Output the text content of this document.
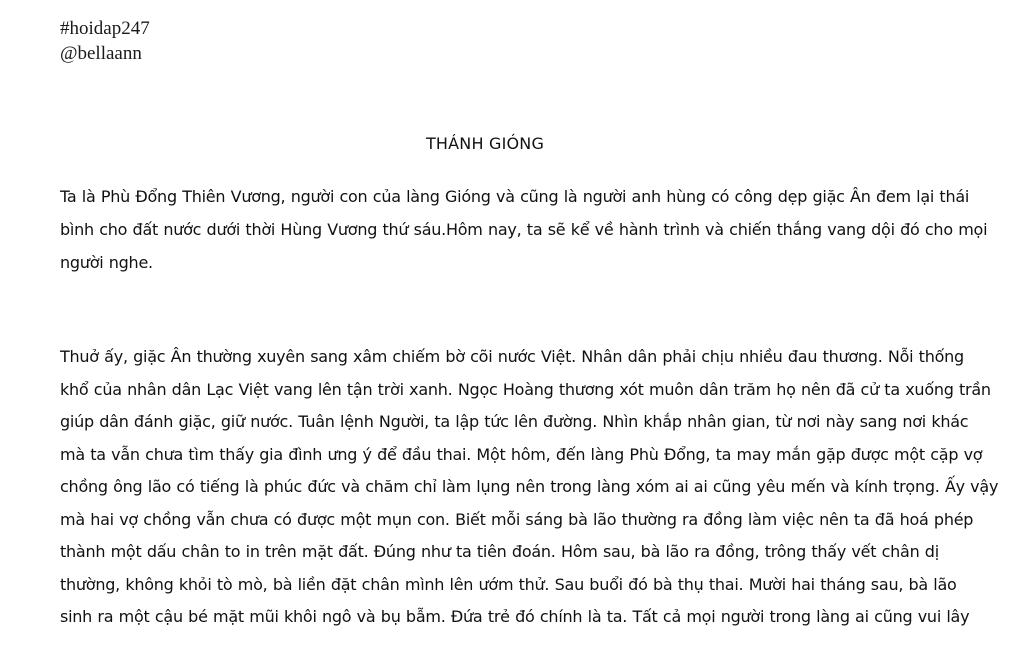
#hoidap247
@bellaann
THÁNH GIÓNG
Ta là Phù Đổng Thiên Vương, người con của làng Gióng và cũng là người anh hùng có công dẹp giặc Ân đem lại thái
bình cho đất nước dưới thời Hùng Vương thứ sáu.Hôm nay, ta sẽ kể về hành trình và chiến thắng vang dội đó cho mọi
người nghe.
Thuở ấy, giặc Ân thường xuyên sang xâm chiếm bờ cõi nước Việt. Nhân dân phải chịu nhiều đau thương. Nỗi thống
khổ của nhân dân Lạc Việt vang lên tận trời xanh. Ngọc Hoàng thương xót muôn dân trăm họ nên đã cử ta xuống trần
giúp dân đánh giặc, giữ nước. Tuân lệnh Người, ta lập tức lên đường. Nhìn khắp nhân gian, từ nơi này sang nơi khác
mà ta vẫn chưa tìm thấy gia đình ưng ý để đầu thai. Một hôm, đến làng Phù Đổng, ta may mắn gặp được một cặp vợ
chồng ông lão có tiếng là phúc đức và chăm chỉ làm lụng nên trong làng xóm ai ai cũng yêu mến và kính trọng. Ấy vậy
mà hai vợ chồng vẫn chưa có được một mụn con. Biết mỗi sáng bà lão thường ra đồng làm việc nên ta đã hoá phép
thành một dấu chân to in trên mặt đất. Đúng như ta tiên đoán. Hôm sau, bà lão ra đồng, trông thấy vết chân dị
thường, không khỏi tò mò, bà liền đặt chân mình lên ướm thử. Sau buổi đó bà thụ thai. Mười hai tháng sau, bà lão
sinh ra một cậu bé mặt mũi khôi ngô và bụ bẫm. Đứa trẻ đó chính là ta. Tất cả mọi người trong làng ai cũng vui lây
